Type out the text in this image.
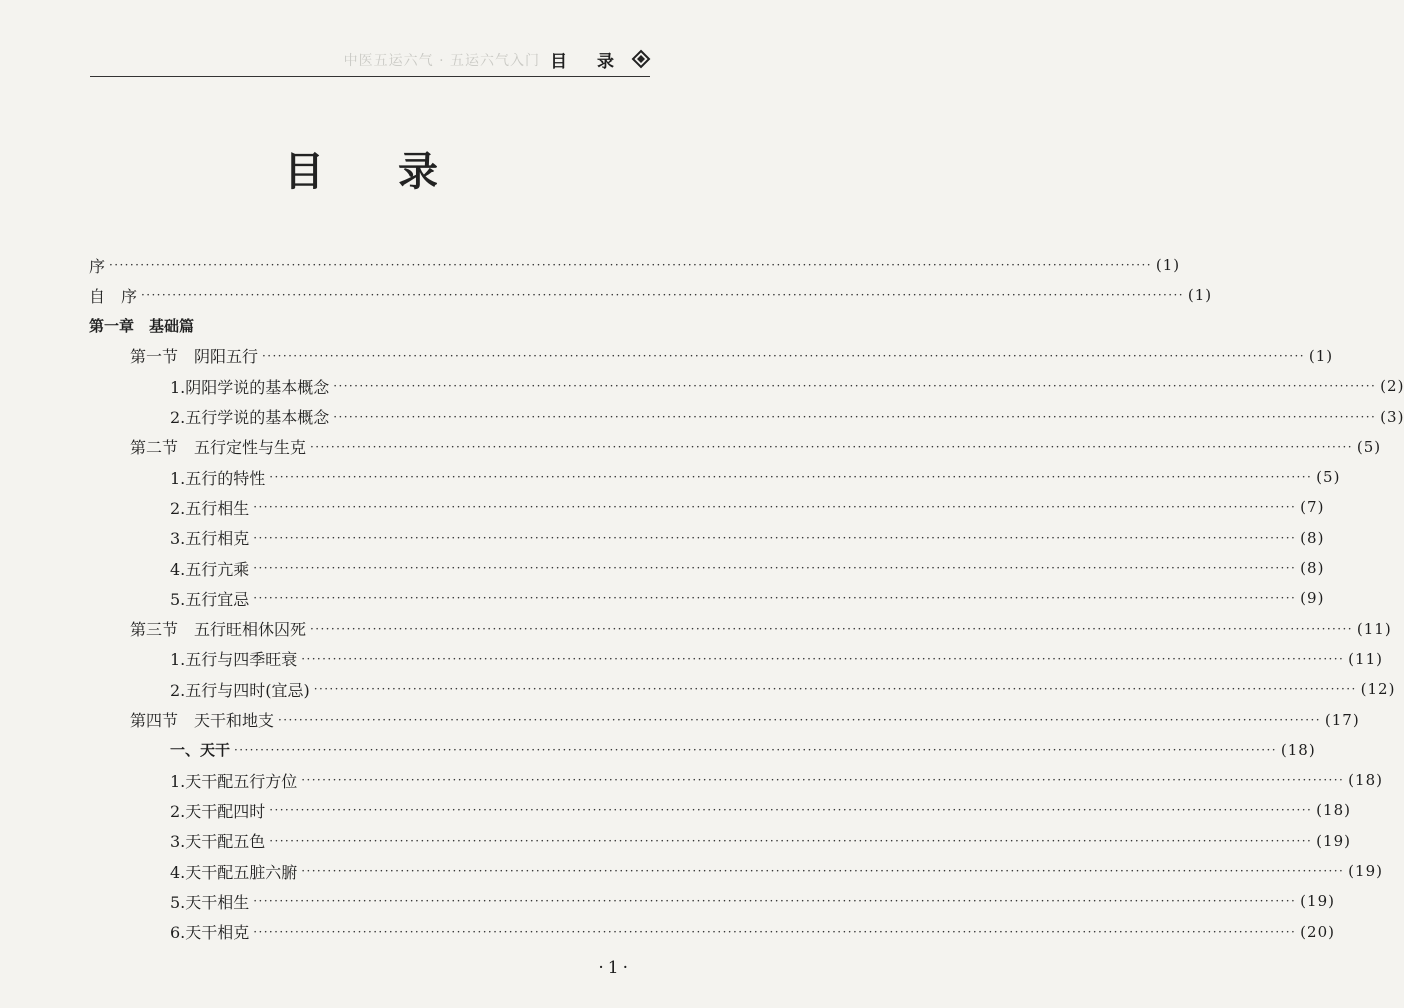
中医五运六气 · 五运六气入门 目 录
目 录
序 ········································································································································································································ (1)
自　序 ········································································································································································································ (1)
第一章　基础篇
第一节　阴阳五行 ········································································································································································································ (1)
1.阴阳学说的基本概念 ········································································································································································································ (2)
2.五行学说的基本概念 ········································································································································································································ (3)
第二节　五行定性与生克 ········································································································································································································ (5)
1.五行的特性 ········································································································································································································ (5)
2.五行相生 ········································································································································································································ (7)
3.五行相克 ········································································································································································································ (8)
4.五行亢乘 ········································································································································································································ (8)
5.五行宜忌 ········································································································································································································ (9)
第三节　五行旺相休囚死 ········································································································································································································ (11)
1.五行与四季旺衰 ········································································································································································································ (11)
2.五行与四时(宜忌) ········································································································································································································ (12)
第四节　天干和地支 ········································································································································································································ (17)
一、天干 ········································································································································································································ (18)
1.天干配五行方位 ········································································································································································································ (18)
2.天干配四时 ········································································································································································································ (18)
3.天干配五色 ········································································································································································································ (19)
4.天干配五脏六腑 ········································································································································································································ (19)
5.天干相生 ········································································································································································································ (19)
6.天干相克 ········································································································································································································ (20)
·1·
